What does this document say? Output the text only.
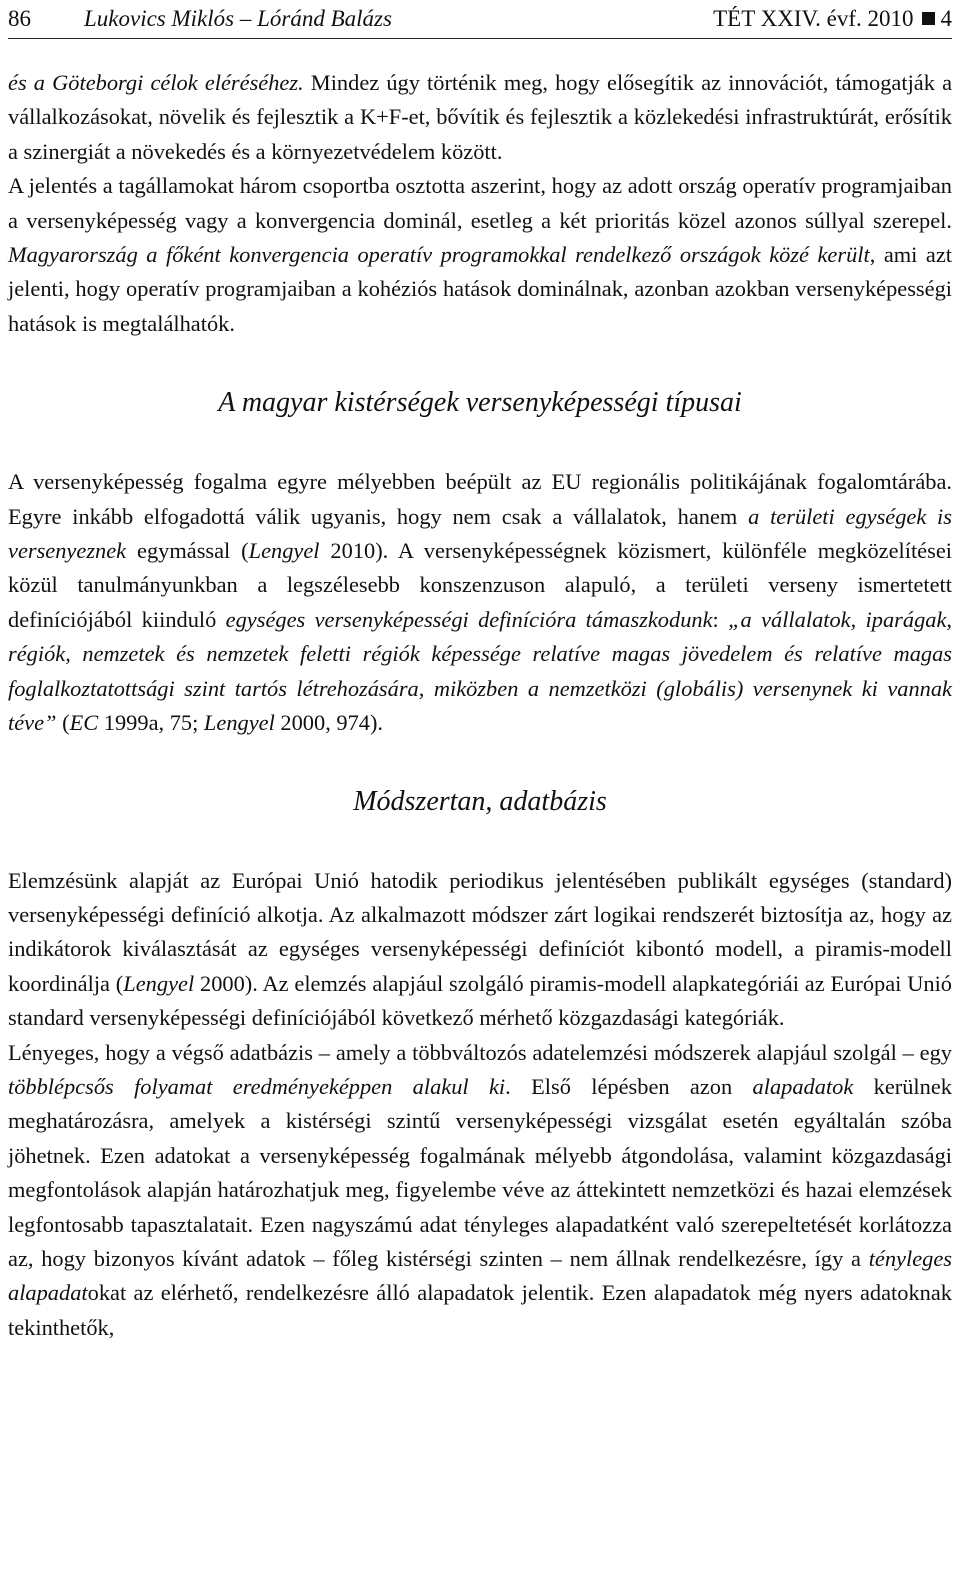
86 Lukovics Miklós – Lóránd Balázs	TÉT XXIV. évf. 2010 4

és a Göteborgi célok eléréséhez. Mindez úgy történik meg, hogy elősegítik az innovációt, támogatják a vállalkozásokat, növelik és fejlesztik a K+F-et, bővítik és fejlesztik a közlekedési infrastruktúrát, erősítik a szinergiát a növekedés és a környezetvédelem között.

A jelentés a tagállamokat három csoportba osztotta aszerint, hogy az adott ország operatív programjaiban a versenyképesség vagy a konvergencia dominál, esetleg a két prioritás közel azonos súllyal szerepel. Magyarország a főként konvergencia operatív programokkal rendelkező országok közé került, ami azt jelenti, hogy operatív programjaiban a kohéziós hatások dominálnak, azonban azokban versenyképességi hatások is megtalálhatók.

A magyar kistérségek versenyképességi típusai

A versenyképesség fogalma egyre mélyebben beépült az EU regionális politikájának fogalomtárába. Egyre inkább elfogadottá válik ugyanis, hogy nem csak a vállalatok, hanem a területi egységek is versenyeznek egymással (Lengyel 2010). A versenyképességnek közismert, különféle megközelítései közül tanulmányunkban a legszélesebb konszenzuson alapuló, a területi verseny ismertetett definíciójából kiinduló egységes versenyképességi definícióra támaszkodunk: „a vállalatok, iparágak, régiók, nemzetek és nemzetek feletti régiók képessége relatíve magas jövedelem és relatíve magas foglalkoztatottsági szint tartós létrehozására, miközben a nemzetközi (globális) versenynek ki vannak téve” (EC 1999a, 75; Lengyel 2000, 974).

Módszertan, adatbázis

Elemzésünk alapját az Európai Unió hatodik periodikus jelentésében publikált egységes (standard) versenyképességi definíció alkotja. Az alkalmazott módszer zárt logikai rendszerét biztosítja az, hogy az indikátorok kiválasztását az egységes versenyképességi definíciót kibontó modell, a piramis-modell koordinálja (Lengyel 2000). Az elemzés alapjául szolgáló piramis-modell alapkategóriái az Európai Unió standard versenyképességi definíciójából következő mérhető közgazdasági kategóriák.

Lényeges, hogy a végső adatbázis – amely a többváltozós adatelemzési módszerek alapjául szolgál – egy többlépcsős folyamat eredményeképpen alakul ki. Első lépésben azon alapadatok kerülnek meghatározásra, amelyek a kistérségi szintű versenyképességi vizsgálat esetén egyáltalán szóba jöhetnek. Ezen adatokat a versenyképesség fogalmának mélyebb átgondolása, valamint közgazdasági megfontolások alapján határozhatjuk meg, figyelembe véve az áttekintett nemzetközi és hazai elemzések legfontosabb tapasztalatait. Ezen nagyszámú adat tényleges alapadatként való szerepeltetését korlátozza az, hogy bizonyos kívánt adatok – főleg kistérségi szinten – nem állnak rendelkezésre, így a tényleges alapadatokat az elérhető, rendelkezésre álló alapadatok jelentik. Ezen alapadatok még nyers adatoknak tekinthetők,
